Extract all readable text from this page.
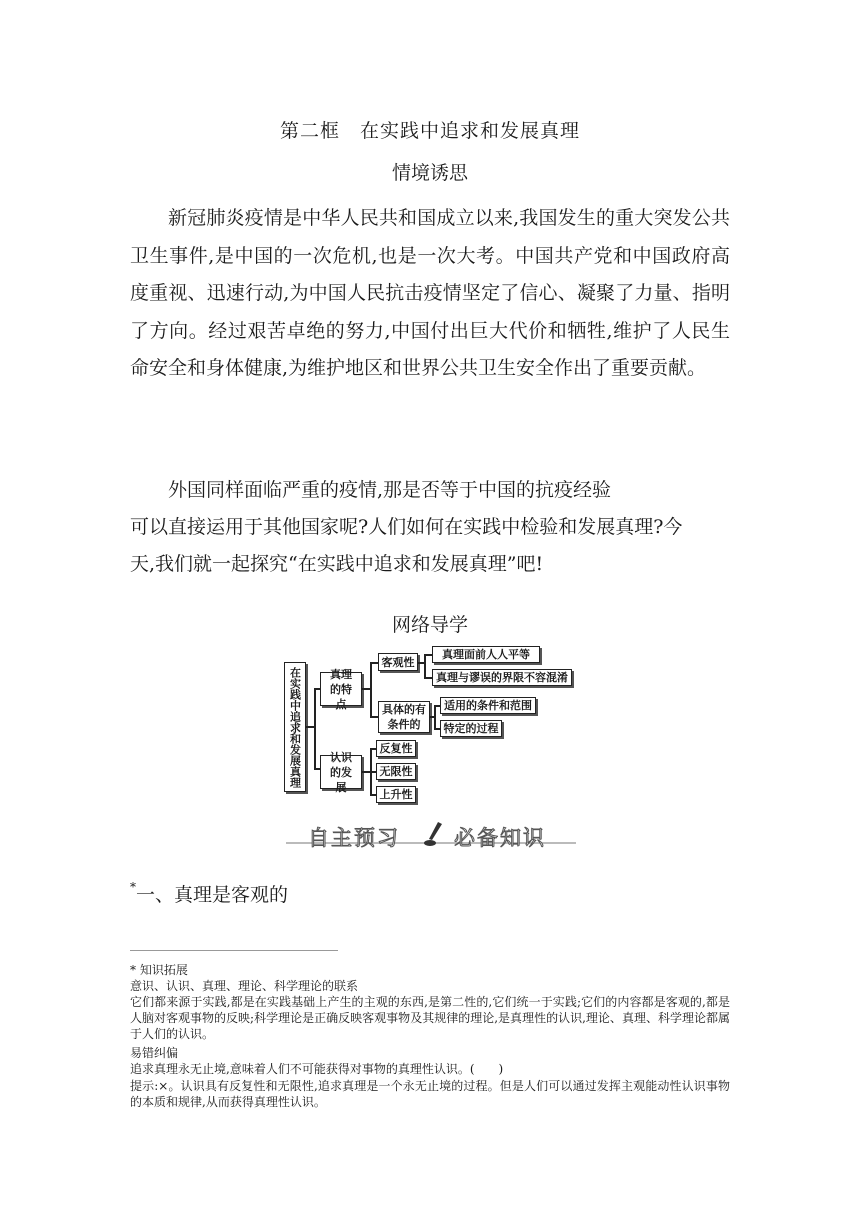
第二框　在实践中追求和发展真理
情境诱思
新冠肺炎疫情是中华人民共和国成立以来,我国发生的重大突发公共卫生事件,是中国的一次危机,也是一次大考。中国共产党和中国政府高度重视、迅速行动,为中国人民抗击疫情坚定了信心、凝聚了力量、指明了方向。经过艰苦卓绝的努力,中国付出巨大代价和牺牲,维护了人民生命安全和身体健康,为维护地区和世界公共卫生安全作出了重要贡献。
外国同样面临严重的疫情,那是否等于中国的抗疫经验
可以直接运用于其他国家呢?人们如何在实践中检验和发展真理?今
天,我们就一起探究“在实践中追求和发展真理”吧!
网络导学
在实践中追求和发展真理	真理的特点
认识的发展
客观性
具体的有条件的
真理面前人人平等
真理与谬误的界限不容混淆
适用的条件和范围
特定的过程
反复性
无限性
上升性
自主预习	必备知识
*一、真理是客观的
* 知识拓展
意识、认识、真理、理论、科学理论的联系
它们都来源于实践,都是在实践基础上产生的主观的东西,是第二性的,它们统一于实践;它们的内容都是客观的,都是人脑对客观事物的反映;科学理论是正确反映客观事物及其规律的理论,是真理性的认识,理论、真理、科学理论都属于人们的认识。
易错纠偏
追求真理永无止境,意味着人们不可能获得对事物的真理性认识。(　　)
提示:×。认识具有反复性和无限性,追求真理是一个永无止境的过程。但是人们可以通过发挥主观能动性认识事物的本质和规律,从而获得真理性认识。
